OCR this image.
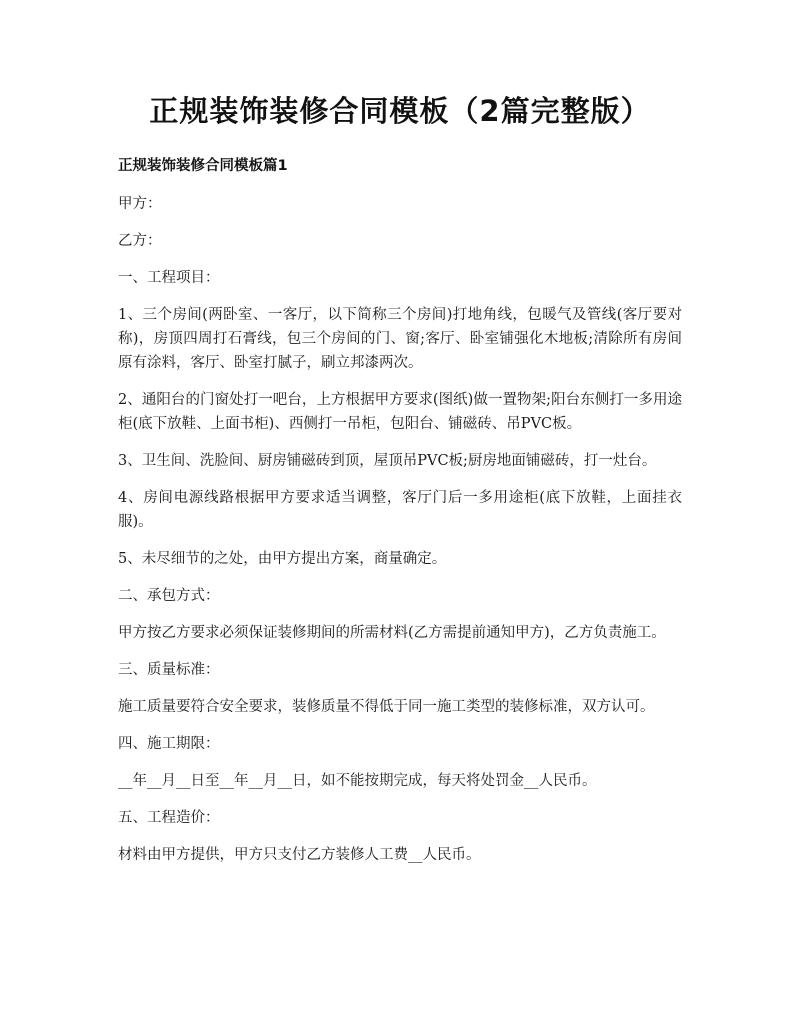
正规装饰装修合同模板（2篇完整版）
正规装饰装修合同模板篇1

甲方：

乙方：

一、工程项目：

1、三个房间(两卧室、一客厅，以下简称三个房间)打地角线，包暖气及管线(客厅要对称)，房顶四周打石膏线，包三个房间的门、窗;客厅、卧室铺强化木地板;清除所有房间原有涂料，客厅、卧室打腻子，刷立邦漆两次。

2、通阳台的门窗处打一吧台，上方根据甲方要求(图纸)做一置物架;阳台东侧打一多用途柜(底下放鞋、上面书柜)、西侧打一吊柜，包阳台、铺磁砖、吊PVC板。

3、卫生间、洗脸间、厨房铺磁砖到顶，屋顶吊PVC板;厨房地面铺磁砖，打一灶台。

4、房间电源线路根据甲方要求适当调整，客厅门后一多用途柜(底下放鞋，上面挂衣服)。

5、未尽细节的之处，由甲方提出方案，商量确定。

二、承包方式：

甲方按乙方要求必须保证装修期间的所需材料(乙方需提前通知甲方)，乙方负责施工。

三、质量标准：

施工质量要符合安全要求，装修质量不得低于同一施工类型的装修标准，双方认可。

四、施工期限：

__年__月__日至__年__月__日，如不能按期完成，每天将处罚金__人民币。

五、工程造价：

材料由甲方提供，甲方只支付乙方装修人工费__人民币。
